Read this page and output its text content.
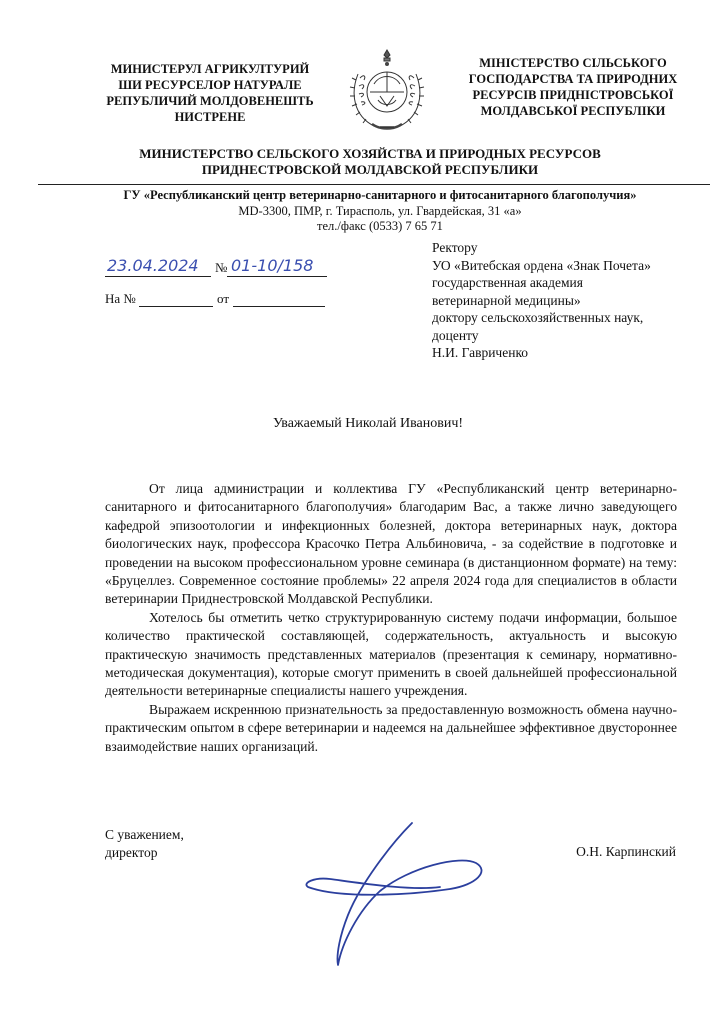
МИНИСТЕРУЛ АГРИКУЛТУРИЙ
ШИ РЕСУРСЕЛОР НАТУРАЛЕ
РЕПУБЛИЧИЙ МОЛДОВЕНЕШТЬ
НИСТРЕНЕ
МІНІСТЕРСТВО СІЛЬСЬКОГО
ГОСПОДАРСТВА ТА ПРИРОДНИХ
РЕСУРСІВ ПРИДНІСТРОВСЬКОЇ
МОЛДАВСЬКОЇ РЕСПУБЛІКИ
МИНИСТЕРСТВО СЕЛЬСКОГО ХОЗЯЙСТВА И ПРИРОДНЫХ РЕСУРСОВ
ПРИДНЕСТРОВСКОЙ МОЛДАВСКОЙ РЕСПУБЛИКИ
ГУ «Республиканский центр ветеринарно-санитарного и фитосанитарного благополучия»
MD-3300, ПМР, г. Тирасполь, ул. Гвардейская, 31 «а»
тел./факс (0533) 7 65 71
23.04.2024 № 01-10/158
На №	от
Ректору
УО «Витебская ордена «Знак Почета»
государственная академия
ветеринарной медицины»
доктору сельскохозяйственных наук,
доценту
Н.И. Гавриченко
Уважаемый Николай Иванович!

От лица администрации и коллектива ГУ «Республиканский центр ветеринарно-санитарного и фитосанитарного благополучия» благодарим Вас, а также лично заведующего кафедрой эпизоотологии и инфекционных болезней, доктора ветеринарных наук, доктора биологических наук, профессора Красочко Петра Альбиновича, - за содействие в подготовке и проведении на высоком профессиональном уровне семинара (в дистанционном формате) на тему: «Бруцеллез. Современное состояние проблемы» 22 апреля 2024 года для специалистов в области ветеринарии Приднестровской Молдавской Республики.

Хотелось бы отметить четко структурированную систему подачи информации, большое количество практической составляющей, содержательность, актуальность и высокую практическую значимость представленных материалов (презентация к семинару, нормативно-методическая документация), которые смогут применить в своей дальнейшей профессиональной деятельности ветеринарные специалисты нашего учреждения.

Выражаем искреннюю признательность за предоставленную возможность обмена научно-практическим опытом в сфере ветеринарии и надеемся на дальнейшее эффективное двустороннее взаимодействие наших организаций.

С уважением,
директор	О.Н. Карпинский
